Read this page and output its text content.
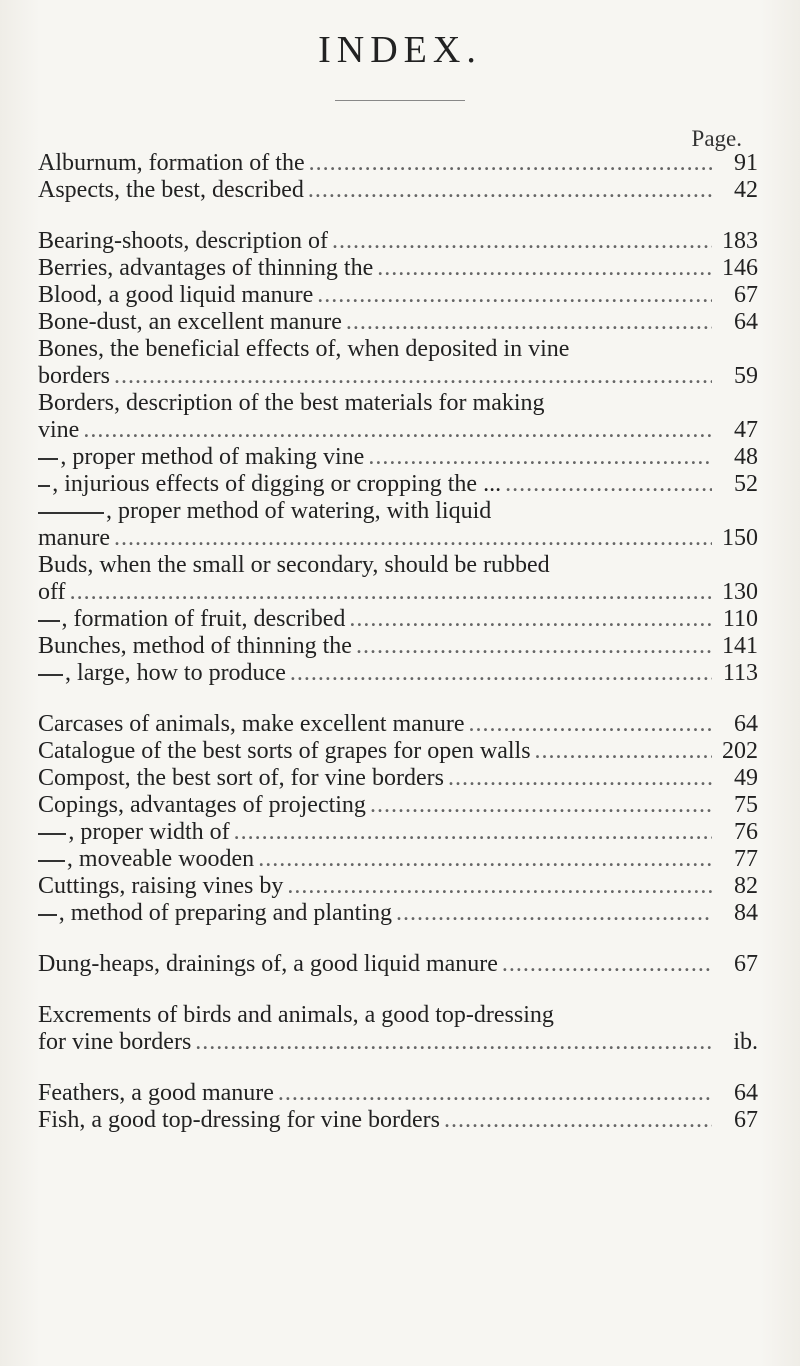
INDEX.
Page.
Alburnum, formation of the .....	91
Aspects, the best, described .....	42
Bearing-shoots, description of .....	183
Berries, advantages of thinning the .....	146
Blood, a good liquid manure .....	67
Bone-dust, an excellent manure .....	64
Bones, the beneficial effects of, when deposited in vine
borders .....	59
Borders, description of the best materials for making
vine .....	47
, proper method of making vine .....	48
, injurious effects of digging or cropping the ... .....	52
, proper method of watering, with liquid
manure .....	150
Buds, when the small or secondary, should be rubbed
off .....	130
, formation of fruit, described .....	110
Bunches, method of thinning the .....	141
, large, how to produce .....	113
Carcases of animals, make excellent manure .....	64
Catalogue of the best sorts of grapes for open walls .....	202
Compost, the best sort of, for vine borders .....	49
Copings, advantages of projecting .....	75
, proper width of .....	76
, moveable wooden .....	77
Cuttings, raising vines by .....	82
, method of preparing and planting .....	84
Dung-heaps, drainings of, a good liquid manure .....	67
Excrements of birds and animals, a good top-dressing
for vine borders .....	ib.
Feathers, a good manure .....	64
Fish, a good top-dressing for vine borders .....	67
